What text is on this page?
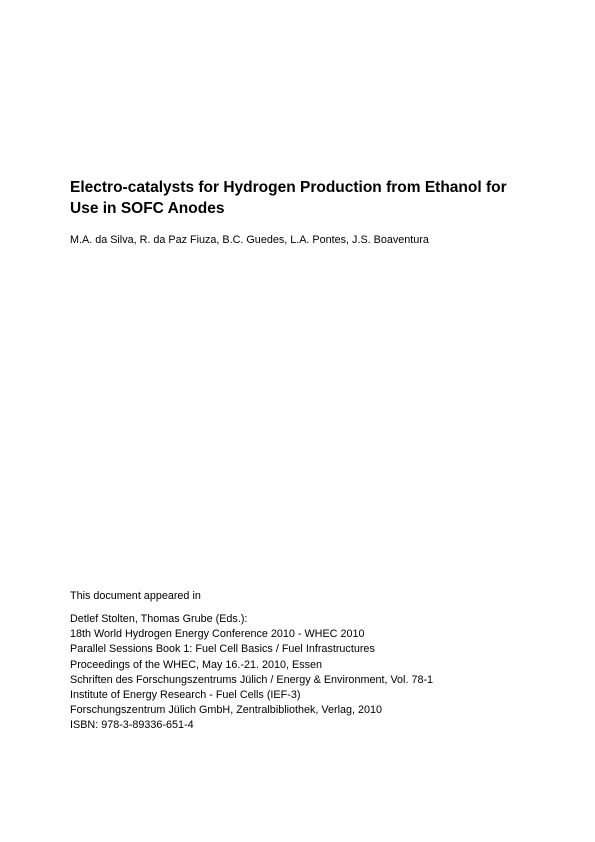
Electro-catalysts for Hydrogen Production from Ethanol for
Use in SOFC Anodes

M.A. da Silva, R. da Paz Fiuza, B.C. Guedes, L.A. Pontes, J.S. Boaventura

This document appeared in

Detlef Stolten, Thomas Grube (Eds.):
18th World Hydrogen Energy Conference 2010 - WHEC 2010
Parallel Sessions Book 1: Fuel Cell Basics / Fuel Infrastructures
Proceedings of the WHEC, May 16.-21. 2010, Essen
Schriften des Forschungszentrums Jülich / Energy & Environment, Vol. 78-1
Institute of Energy Research - Fuel Cells (IEF-3)
Forschungszentrum Jülich GmbH, Zentralbibliothek, Verlag, 2010
ISBN: 978-3-89336-651-4
